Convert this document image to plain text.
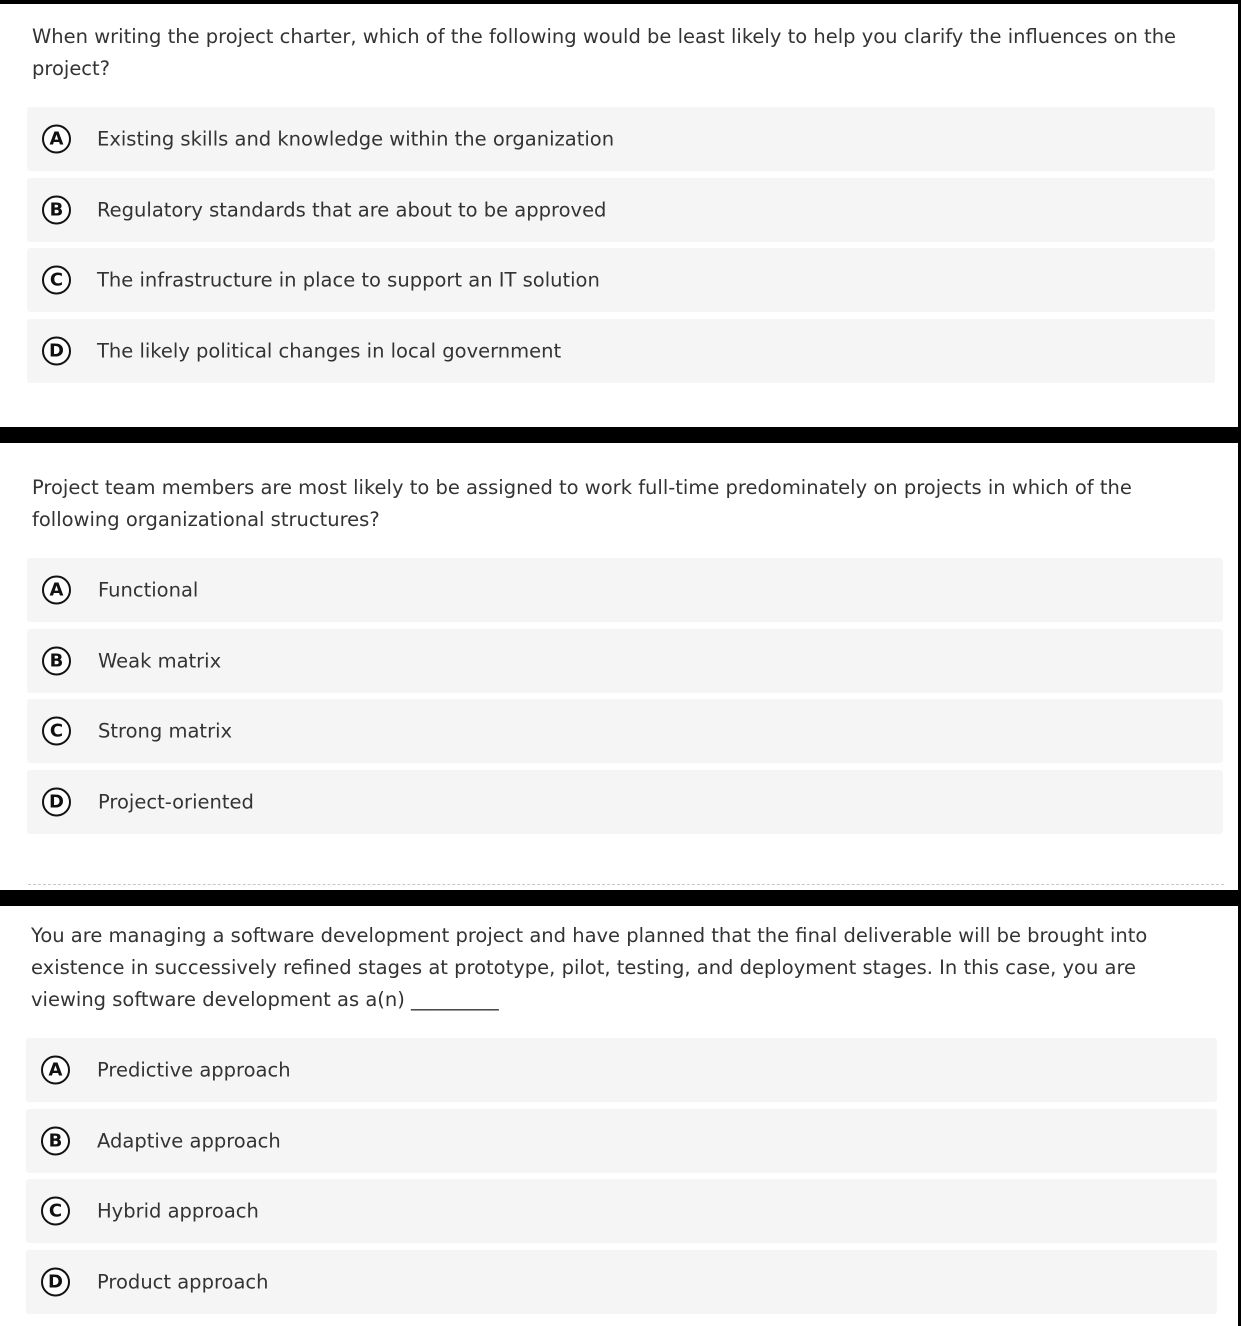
When writing the project charter, which of the following would be least likely to help you clarify the influences on the project?

A	Existing skills and knowledge within the organization
B	Regulatory standards that are about to be approved
C	The infrastructure in place to support an IT solution
D	The likely political changes in local government

Project team members are most likely to be assigned to work full-time predominately on projects in which of the following organizational structures?

A	Functional
B	Weak matrix
C	Strong matrix
D	Project-oriented

You are managing a software development project and have planned that the final deliverable will be brought into existence in successively refined stages at prototype, pilot, testing, and deployment stages. In this case, you are viewing software development as a(n) _________

A	Predictive approach
B	Adaptive approach
C	Hybrid approach
D	Product approach
